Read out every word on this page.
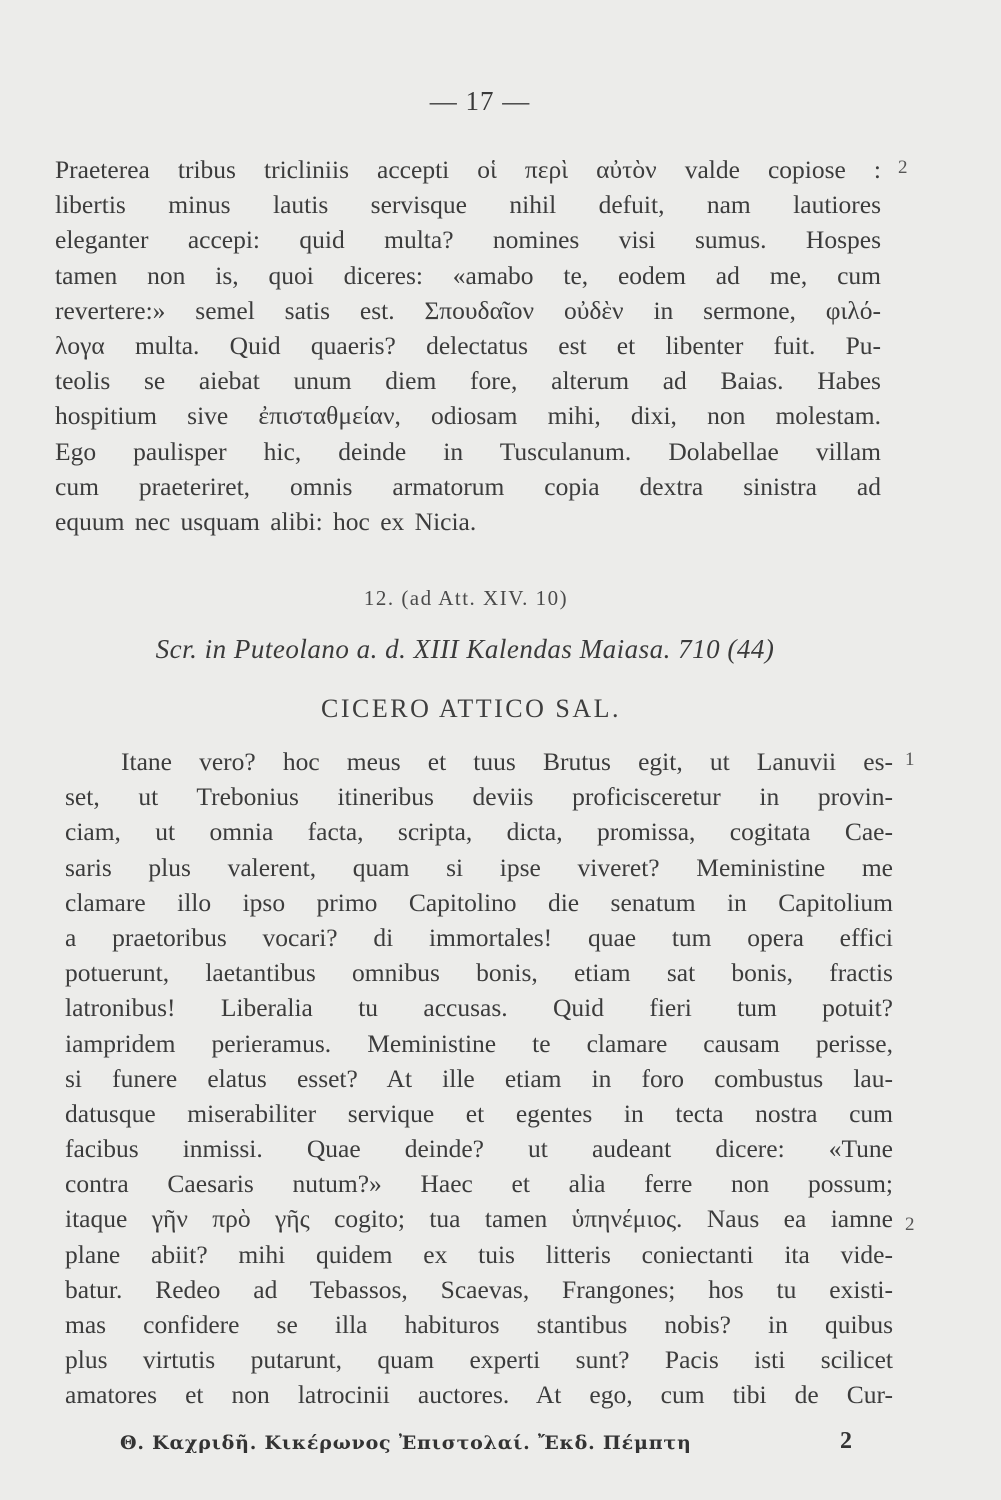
— 17 —
Praeterea tribus tricliniis accepti οἱ περὶ αὐτὸν valde copiose :
libertis minus lautis servisque nihil defuit, nam lautiores
eleganter accepi: quid multa? nomines visi sumus. Hospes
tamen non is, quoi diceres: «amabo te, eodem ad me, cum
revertere:» semel satis est. Σπουδαῖον οὐδὲν in sermone, φιλό-
λογα multa. Quid quaeris? delectatus est et libenter fuit. Pu-
teolis se aiebat unum diem fore, alterum ad Baias. Habes
hospitium sive ἐπισταθμείαν, odiosam mihi, dixi, non molestam.
Ego paulisper hic, deinde in Tusculanum. Dolabellae villam
cum praeteriret, omnis armatorum copia dextra sinistra ad
equum nec usquam alibi: hoc ex Nicia.
2
12. (ad Att. XIV. 10)
Scr. in Puteolano a. d. XIII Kalendas Maiasa. 710 (44)
CICERO ATTICO SAL.
Itane vero? hoc meus et tuus Brutus egit, ut Lanuvii es-
set, ut Trebonius itineribus deviis proficisceretur in provin-
ciam, ut omnia facta, scripta, dicta, promissa, cogitata Cae-
saris plus valerent, quam si ipse viveret? Meministine me
clamare illo ipso primo Capitolino die senatum in Capitolium
a praetoribus vocari? di immortales! quae tum opera effici
potuerunt, laetantibus omnibus bonis, etiam sat bonis, fractis
latronibus! Liberalia tu accusas. Quid fieri tum potuit?
iampridem perieramus. Meministine te clamare causam perisse,
si funere elatus esset? At ille etiam in foro combustus lau-
datusque miserabiliter servique et egentes in tecta nostra cum
facibus inmissi. Quae deinde? ut audeant dicere: «Tune
contra Caesaris nutum?» Haec et alia ferre non possum;
itaque γῆν πρὸ γῆς cogito; tua tamen ὑπηνέμιος. Naus ea iamne
plane abiit? mihi quidem ex tuis litteris coniectanti ita vide-
batur. Redeo ad Tebassos, Scaevas, Frangones; hos tu existi-
mas confidere se illa habituros stantibus nobis? in quibus
plus virtutis putarunt, quam experti sunt? Pacis isti scilicet
amatores et non latrocinii auctores. At ego, cum tibi de Cur-
1
2
Θ. Καχριδῆ. Κικέρωνος Ἐπιστολαί. Ἔκδ. Πέμπτη	2
